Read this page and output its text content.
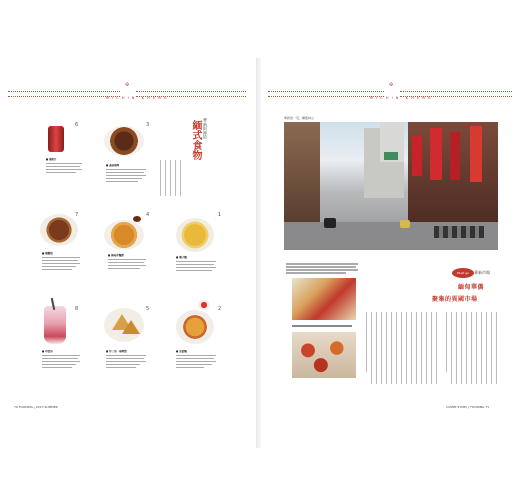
✣
M I C H I N · K H E N G
✣
M I C H I N · K H E N G
華新街裡的
緬式食物
6
■ 椰奶汁
3
■ 蔬菜咖哩
7
■ 椰糖糕
4
■ 緬甸炸麵餅
1
■ 椰子麵
8
■ 印度冰
5
■ 炸三角・咖哩餃
2
■ 魚湯麵
70 FOODING | 2013 SUMMER
華新街一景，攤販林立
Must go	華新市場
緬甸華僑
聚集的異國市場
COVER STORY | FOODING 71
